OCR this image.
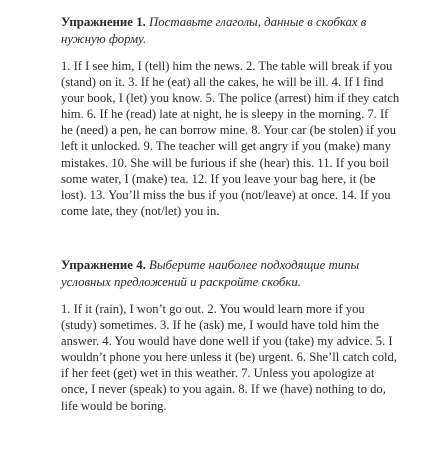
Упражнение 1. Поставьте глаголы, данные в скобках в нужную форму.

1. If I see him, I (tell) him the news. 2. The table will break if you (stand) on it. 3. If he (eat) all the cakes, he will be ill. 4. If I find your book, I (let) you know. 5. The police (arrest) him if they catch him. 6. If he (read) late at night, he is sleepy in the morning. 7. If he (need) a pen, he can borrow mine. 8. Your car (be stolen) if you left it unlocked. 9. The teacher will get angry if you (make) many mistakes. 10. She will be furious if she (hear) this. 11. If you boil some water, I (make) tea. 12. If you leave your bag here, it (be lost). 13. You’ll miss the bus if you (not/leave) at once. 14. If you come late, they (not/let) you in.

Упражнение 4. Выберите наиболее подходящие типы условных предложений и раскройте скобки.

1. If it (rain), I won’t go out. 2. You would learn more if you (study) sometimes. 3. If he (ask) me, I would have told him the answer. 4. You would have done well if you (take) my advice. 5. I wouldn’t phone you here unless it (be) urgent. 6. She’ll catch cold, if her feet (get) wet in this weather. 7. Unless you apologize at once, I never (speak) to you again. 8. If we (have) nothing to do, life would be boring.
